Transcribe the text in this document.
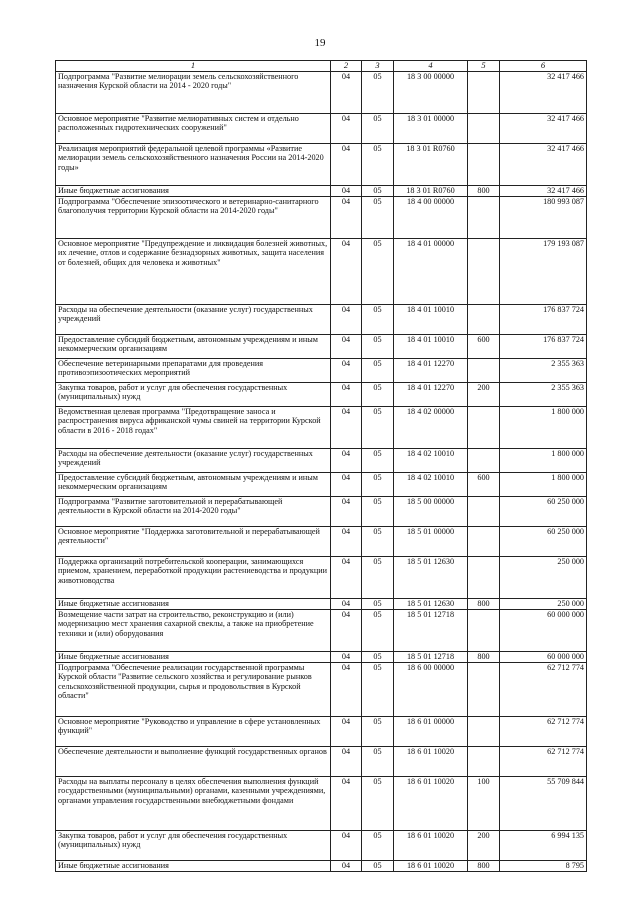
19
1	2	3	4	5	6
Подпрограмма "Развитие мелиорации земель сельскохозяйственного назначения Курской области на 2014 - 2020 годы"	04	05	18 3 00 00000		32 417 466
Основное мероприятие "Развитие мелиоративных систем и отдельно расположенных гидротехнических сооружений"	04	05	18 3 01 00000		32 417 466
Реализация мероприятий федеральной целевой программы «Развитие мелиорации земель сельскохозяйственного назначения России на 2014-2020 годы»	04	05	18 3 01 R0760		32 417 466
Иные бюджетные ассигнования	04	05	18 3 01 R0760	800	32 417 466
Подпрограмма "Обеспечение эпизоотического и ветеринарно-санитарного благополучия территории Курской области на 2014-2020 годы"	04	05	18 4 00 00000		180 993 087
Основное мероприятие "Предупреждение и ликвидация болезней животных, их лечение, отлов и содержание безнадзорных животных, защита населения от болезней, общих для человека и животных"	04	05	18 4 01 00000		179 193 087
Расходы на обеспечение деятельности (оказание услуг) государственных учреждений	04	05	18 4 01 10010		176 837 724
Предоставление субсидий бюджетным, автономным учреждениям и иным некоммерческим организациям	04	05	18 4 01 10010	600	176 837 724
Обеспечение ветеринарными препаратами для проведения противоэпизоотических мероприятий	04	05	18 4 01 12270		2 355 363
Закупка товаров, работ и услуг для обеспечения государственных (муниципальных) нужд	04	05	18 4 01 12270	200	2 355 363
Ведомственная целевая программа "Предотвращение заноса и распространения вируса африканской чумы свиней на территории Курской области в 2016 - 2018 годах"	04	05	18 4 02 00000		1 800 000
Расходы на обеспечение деятельности (оказание услуг) государственных учреждений	04	05	18 4 02 10010		1 800 000
Предоставление субсидий бюджетным, автономным учреждениям и иным некоммерческим организациям	04	05	18 4 02 10010	600	1 800 000
Подпрограмма "Развитие заготовительной и перерабатывающей деятельности в Курской области на 2014-2020 годы"	04	05	18 5 00 00000		60 250 000
Основное мероприятие "Поддержка заготовительной и перерабатывающей деятельности"	04	05	18 5 01 00000		60 250 000
Поддержка организаций потребительской кооперации, занимающихся приемом, хранением, переработкой продукции растениеводства и продукции животноводства	04	05	18 5 01 12630		250 000
Иные бюджетные ассигнования	04	05	18 5 01 12630	800	250 000
Возмещение части затрат на строительство, реконструкцию и (или) модернизацию мест хранения сахарной свеклы, а также на приобретение техники и (или) оборудования	04	05	18 5 01 12718		60 000 000
Иные бюджетные ассигнования	04	05	18 5 01 12718	800	60 000 000
Подпрограмма "Обеспечение реализации государственной программы Курской области "Развитие сельского хозяйства и регулирование рынков сельскохозяйственной продукции, сырья и продовольствия в Курской области"	04	05	18 6 00 00000		62 712 774
Основное мероприятие "Руководство и управление в сфере установленных функций"	04	05	18 6 01 00000		62 712 774
Обеспечение деятельности и выполнение функций государственных органов	04	05	18 6 01 10020		62 712 774
Расходы на выплаты персоналу в целях обеспечения выполнения функций государственными (муниципальными) органами, казенными учреждениями, органами управления государственными внебюджетными фондами	04	05	18 6 01 10020	100	55 709 844
Закупка товаров, работ и услуг для обеспечения государственных (муниципальных) нужд	04	05	18 6 01 10020	200	6 994 135
Иные бюджетные ассигнования	04	05	18 6 01 10020	800	8 795
